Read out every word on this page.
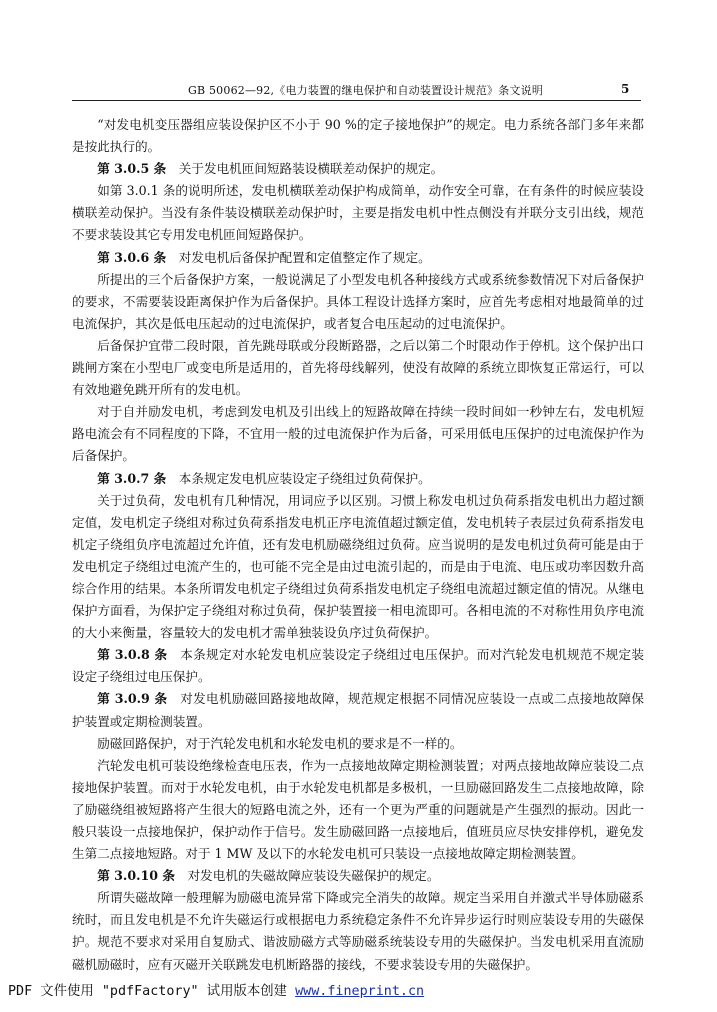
GB 50062—92,《电力装置的继电保护和自动装置设计规范》条文说明	5

“对发电机变压器组应装设保护区不小于 90 %的定子接地保护”的规定。电力系统各部门多年来都是按此执行的。

第 3.0.5 条　 关于发电机匝间短路装设横联差动保护的规定。

如第 3.0.1 条的说明所述，发电机横联差动保护构成简单，动作安全可靠，在有条件的时候应装设横联差动保护。当没有条件装设横联差动保护时，主要是指发电机中性点侧没有并联分支引出线，规范不要求装设其它专用发电机匝间短路保护。

第 3.0.6 条　 对发电机后备保护配置和定值整定作了规定。

所提出的三个后备保护方案，一般说满足了小型发电机各种接线方式或系统参数情况下对后备保护的要求，不需要装设距离保护作为后备保护。具体工程设计选择方案时，应首先考虑相对地最简单的过电流保护，其次是低电压起动的过电流保护，或者复合电压起动的过电流保护。

后备保护宜带二段时限，首先跳母联或分段断路器，之后以第二个时限动作于停机。这个保护出口跳闸方案在小型电厂或变电所是适用的，首先将母线解列，使没有故障的系统立即恢复正常运行，可以有效地避免跳开所有的发电机。

对于自并励发电机，考虑到发电机及引出线上的短路故障在持续一段时间如一秒钟左右，发电机短路电流会有不同程度的下降，不宜用一般的过电流保护作为后备，可采用低电压保护的过电流保护作为后备保护。

第 3.0.7 条　 本条规定发电机应装设定子绕组过负荷保护。

关于过负荷，发电机有几种情况，用词应予以区别。习惯上称发电机过负荷系指发电机出力超过额定值，发电机定子绕组对称过负荷系指发电机正序电流值超过额定值，发电机转子表层过负荷系指发电机定子绕组负序电流超过允许值，还有发电机励磁绕组过负荷。应当说明的是发电机过负荷可能是由于发电机定子绕组过电流产生的，也可能不完全是由过电流引起的，而是由于电流、电压或功率因数升高综合作用的结果。本条所谓发电机定子绕组过负荷系指发电机定子绕组电流超过额定值的情况。从继电保护方面看，为保护定子绕组对称过负荷，保护装置接一相电流即可。各相电流的不对称性用负序电流的大小来衡量，容量较大的发电机才需单独装设负序过负荷保护。

第 3.0.8 条　 本条规定对水轮发电机应装设定子绕组过电压保护。而对汽轮发电机规范不规定装设定子绕组过电压保护。

第 3.0.9 条　 对发电机励磁回路接地故障，规范规定根据不同情况应装设一点或二点接地故障保护装置或定期检测装置。

励磁回路保护，对于汽轮发电机和水轮发电机的要求是不一样的。

汽轮发电机可装设绝缘检查电压表，作为一点接地故障定期检测装置；对两点接地故障应装设二点接地保护装置。而对于水轮发电机，由于水轮发电机都是多极机，一旦励磁回路发生二点接地故障，除了励磁绕组被短路将产生很大的短路电流之外，还有一个更为严重的问题就是产生强烈的振动。因此一般只装设一点接地保护，保护动作于信号。发生励磁回路一点接地后，值班员应尽快安排停机，避免发生第二点接地短路。对于 1 MW 及以下的水轮发电机可只装设一点接地故障定期检测装置。

第 3.0.10 条　 对发电机的失磁故障应装设失磁保护的规定。

所谓失磁故障一般理解为励磁电流异常下降或完全消失的故障。规定当采用自并激式半导体励磁系统时，而且发电机是不允许失磁运行或根据电力系统稳定条件不允许异步运行时则应装设专用的失磁保护。规范不要求对采用自复励式、谐波励磁方式等励磁系统装设专用的失磁保护。当发电机采用直流励磁机励磁时，应有灭磁开关联跳发电机断路器的接线，不要求装设专用的失磁保护。

PDF 文件使用 "pdfFactory" 试用版本创建 www.fineprint.cn
